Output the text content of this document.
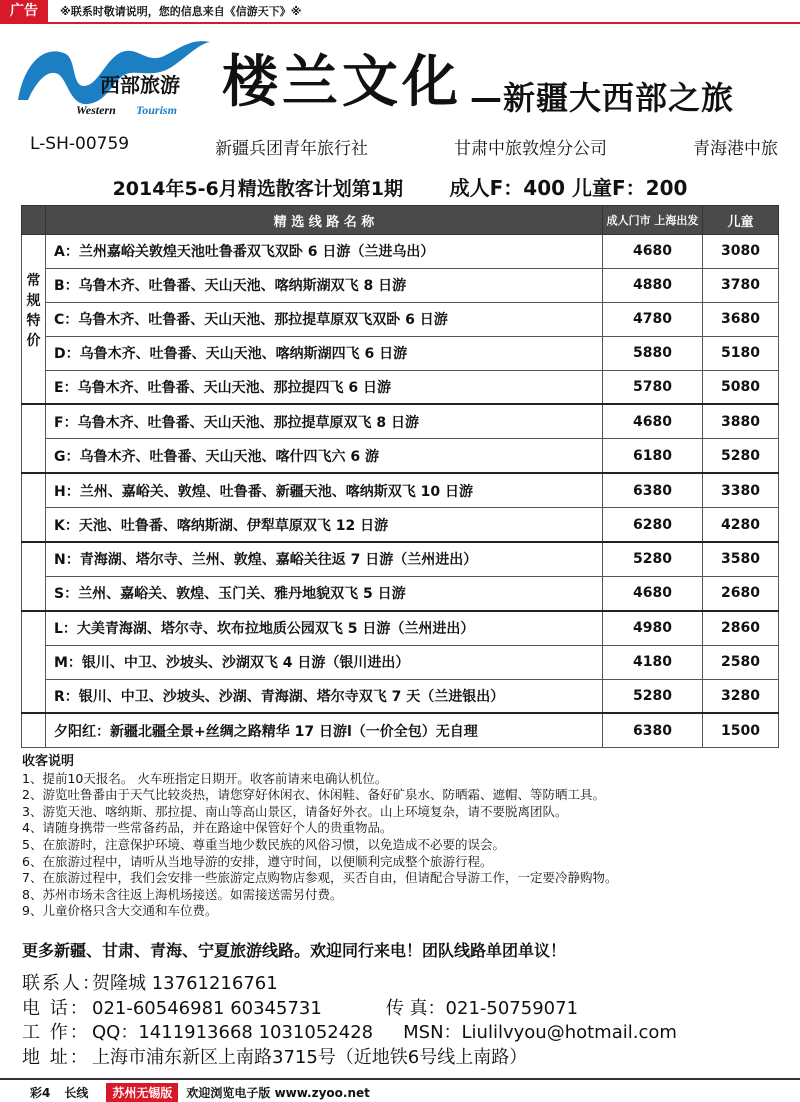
广告	※联系时敬请说明，您的信息来自《信游天下》※
西部旅游
Western Tourism 楼兰文化 —新疆大西部之旅
L-SH-00759	新疆兵团青年旅行社	甘肃中旅敦煌分公司	青海港中旅
2014年5-6月精选散客计划第1期 成人F：400 儿童F：200
	精 选 线 路 名 称	成人门市 上海出发	儿童

常
规
特
价	A：兰州嘉峪关敦煌天池吐鲁番双飞双卧 6 日游（兰进乌出）	4680	3080
	B：乌鲁木齐、吐鲁番、天山天池、喀纳斯湖双飞 8 日游	4880	3780
	C：乌鲁木齐、吐鲁番、天山天池、那拉提草原双飞双卧 6 日游	4780	3680
	D：乌鲁木齐、吐鲁番、天山天池、喀纳斯湖四飞 6 日游	5880	5180
	E：乌鲁木齐、吐鲁番、天山天池、那拉提四飞 6 日游	5780	5080
	F：乌鲁木齐、吐鲁番、天山天池、那拉提草原双飞 8 日游	4680	3880
	G：乌鲁木齐、吐鲁番、天山天池、喀什四飞六 6 游	6180	5280
	H：兰州、嘉峪关、敦煌、吐鲁番、新疆天池、喀纳斯双飞 10 日游	6380	3380
	K：天池、吐鲁番、喀纳斯湖、伊犁草原双飞 12 日游	6280	4280
	N：青海湖、塔尔寺、兰州、敦煌、嘉峪关往返 7 日游（兰州进出）	5280	3580
	S：兰州、嘉峪关、敦煌、玉门关、雅丹地貌双飞 5 日游	4680	2680
	L：大美青海湖、塔尔寺、坎布拉地质公园双飞 5 日游（兰州进出）	4980	2860
	M：银川、中卫、沙坡头、沙湖双飞 4 日游（银川进出）	4180	2580
	R：银川、中卫、沙坡头、沙湖、青海湖、塔尔寺双飞 7 天（兰进银出）	5280	3280
	夕阳红：新疆北疆全景+丝绸之路精华 17 日游l（一价全包）无自理	6380	1500
收客说明
1、提前10天报名。 火车班指定日期开。收客前请来电确认机位。
2、游览吐鲁番由于天气比较炎热，请您穿好休闲衣、休闲鞋、备好矿泉水、防晒霜、遮帽、等防晒工具。
3、游览天池、喀纳斯、那拉提、南山等高山景区，请备好外衣。山上环境复杂，请不要脱离团队。
4、请随身携带一些常备药品，并在路途中保管好个人的贵重物品。
5、在旅游时，注意保护环境、尊重当地少数民族的风俗习惯，以免造成不必要的误会。
6、在旅游过程中，请听从当地导游的安排，遵守时间，以便顺利完成整个旅游行程。
7、在旅游过程中，我们会安排一些旅游定点购物店参观，买否自由，但请配合导游工作，一定要冷静购物。
8、苏州市场未含往返上海机场接送。如需接送需另付费。
9、儿童价格只含大交通和车位费。
更多新疆、甘肃、青海、宁夏旅游线路。欢迎同行来电！团队线路单团单议！
联系人：
贺隆城 13761216761
电 话： 021-60546981 60345731	传 真： 021-50759071
工 作： QQ：1411913668 1031052428 MSN： Liulilvyou@hotmail.com
地 址： 上海市浦东新区上南路3715号（近地铁6号线上南路）
彩4 长线	苏州无锡版	欢迎浏览电子版 www.zyoo.net
